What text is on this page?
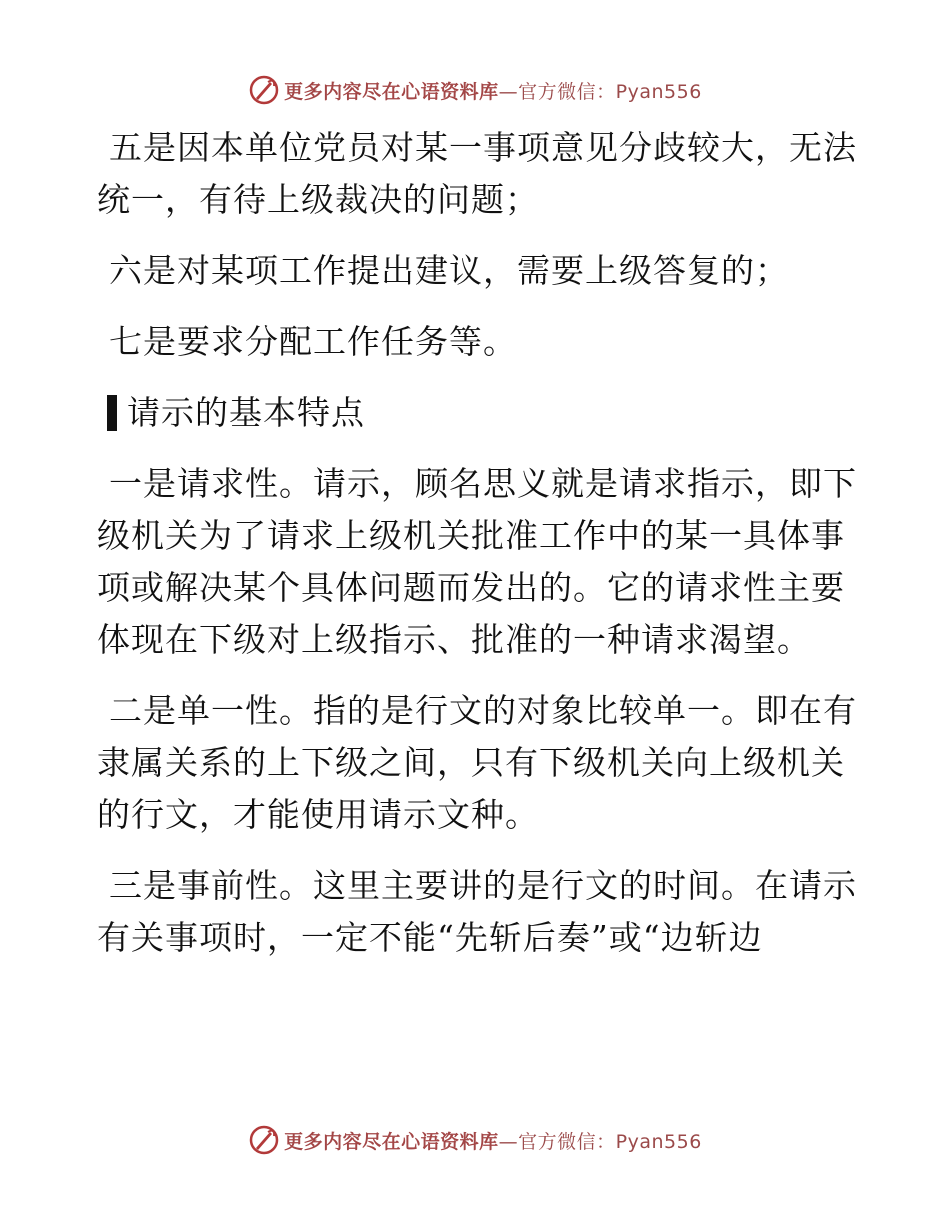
更多内容尽在心语资料库—官方微信：Pyan556

五是因本单位党员对某一事项意见分歧较大，无法统一，有待上级裁决的问题；

六是对某项工作提出建议，需要上级答复的；

七是要求分配工作任务等。

请示的基本特点

一是请求性。请示，顾名思义就是请求指示，即下级机关为了请求上级机关批准工作中的某一具体事项或解决某个具体问题而发出的。它的请求性主要体现在下级对上级指示、批准的一种请求渴望。

二是单一性。指的是行文的对象比较单一。即在有隶属关系的上下级之间，只有下级机关向上级机关的行文，才能使用请示文种。

三是事前性。这里主要讲的是行文的时间。在请示有关事项时，一定不能“先斩后奏”或“边斩边

更多内容尽在心语资料库—官方微信：Pyan556
